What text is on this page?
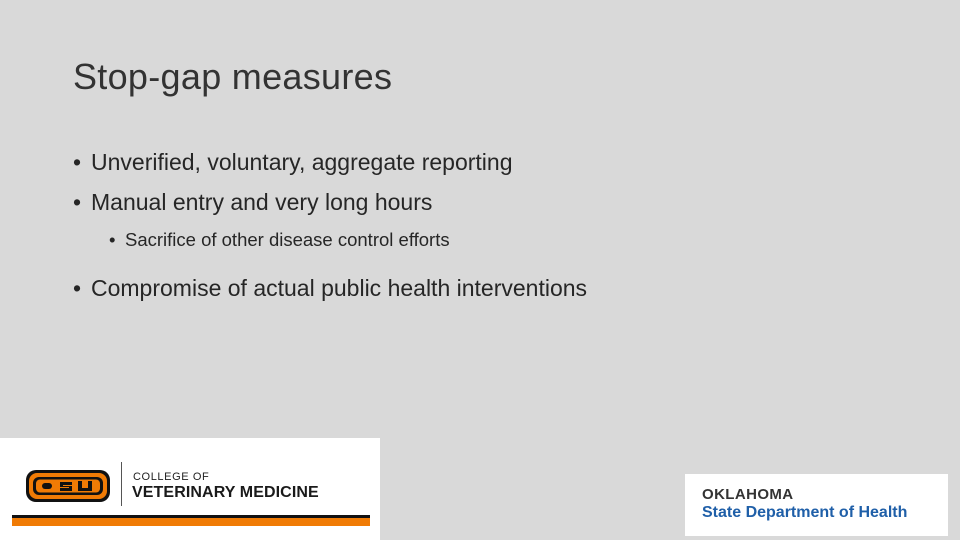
Stop-gap measures
• Unverified, voluntary, aggregate reporting
• Manual entry and very long hours
• Sacrifice of other disease control efforts
• Compromise of actual public health interventions
COLLEGE OF
VETERINARY MEDICINE	OKLAHOMA
State Department of Health
